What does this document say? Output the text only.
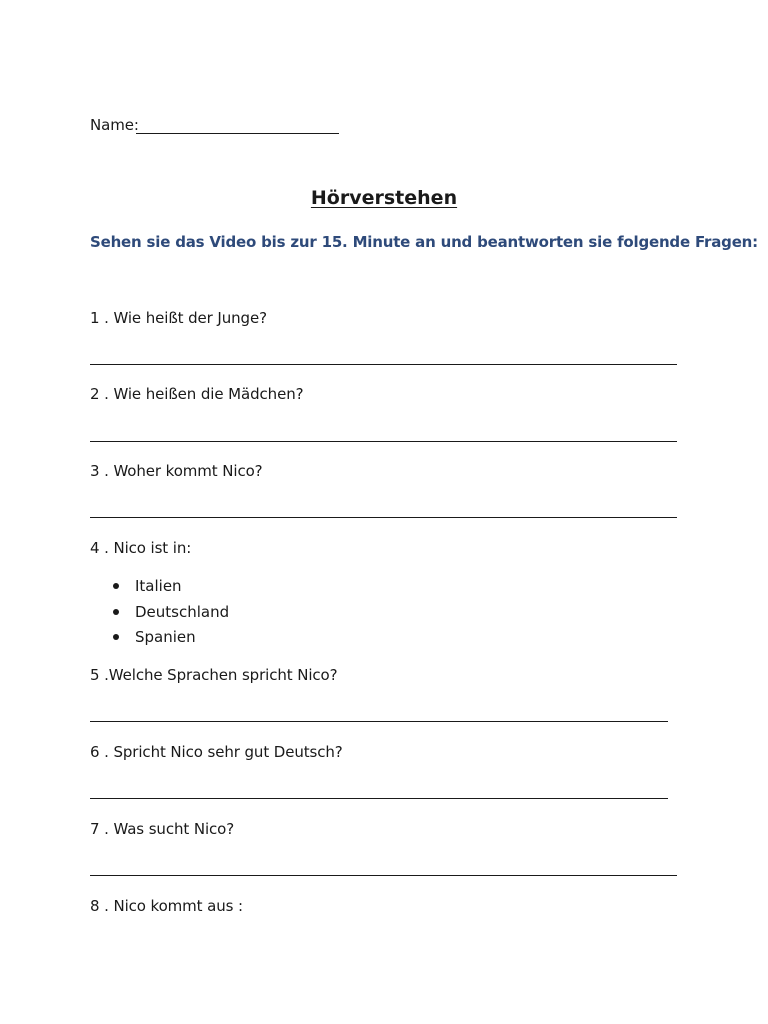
Name:
Hörverstehen
Sehen sie das Video bis zur 15. Minute an und beantworten sie folgende Fragen:
1 . Wie heißt der Junge?
2 . Wie heißen die Mädchen?
3 . Woher kommt Nico?
4 . Nico ist in:
Italien
Deutschland
Spanien
5 .Welche Sprachen spricht Nico?
6 . Spricht Nico sehr gut Deutsch?
7 . Was sucht Nico?
8 . Nico kommt aus :
